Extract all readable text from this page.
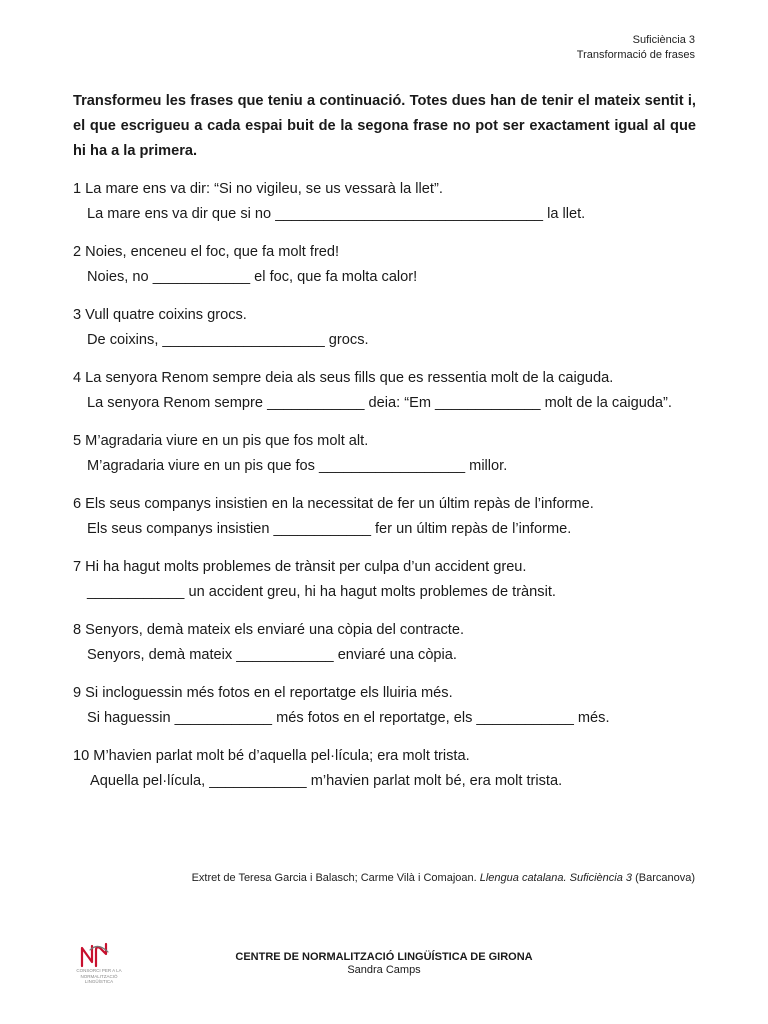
Suficiència 3
Transformació de frases
Transformeu les frases que teniu a continuació. Totes dues han de tenir el mateix sentit i, el que escrigueu a cada espai buit de la segona frase no pot ser exactament igual al que hi ha a la primera.

1 La mare ens va dir: “Si no vigileu, se us vessarà la llet”.

La mare ens va dir que si no _________________________________ la llet.

2 Noies, enceneu el foc, que fa molt fred!

Noies, no ____________ el foc, que fa molta calor!

3 Vull quatre coixins grocs.

De coixins, ____________________ grocs.

4 La senyora Renom sempre deia als seus fills que es ressentia molt de la caiguda.

La senyora Renom sempre ____________ deia: “Em _____________ molt de la caiguda”.

5 M’agradaria viure en un pis que fos molt alt.

M’agradaria viure en un pis que fos __________________ millor.

6 Els seus companys insistien en la necessitat de fer un últim repàs de l’informe.

Els seus companys insistien ____________ fer un últim repàs de l’informe.

7 Hi ha hagut molts problemes de trànsit per culpa d’un accident greu.

____________ un accident greu, hi ha hagut molts problemes de trànsit.

8 Senyors, demà mateix els enviaré una còpia del contracte.

Senyors, demà mateix ____________ enviaré una còpia.

9 Si incloguessin més fotos en el reportatge els lluiria més.

Si haguessin ____________ més fotos en el reportatge, els ____________ més.

10 M’havien parlat molt bé d’aquella pel·lícula; era molt trista.

Aquella pel·lícula, ____________ m’havien parlat molt bé, era molt trista.

Extret de Teresa Garcia i Balasch; Carme Vilà i Comajoan. Llengua catalana. Suficiència 3 (Barcanova)
CONSORCI PER A LA NORMALITZACIÓ LINGÜÍSTICA
CENTRE DE NORMALITZACIÓ LINGÜÍSTICA DE GIRONA
Sandra Camps
